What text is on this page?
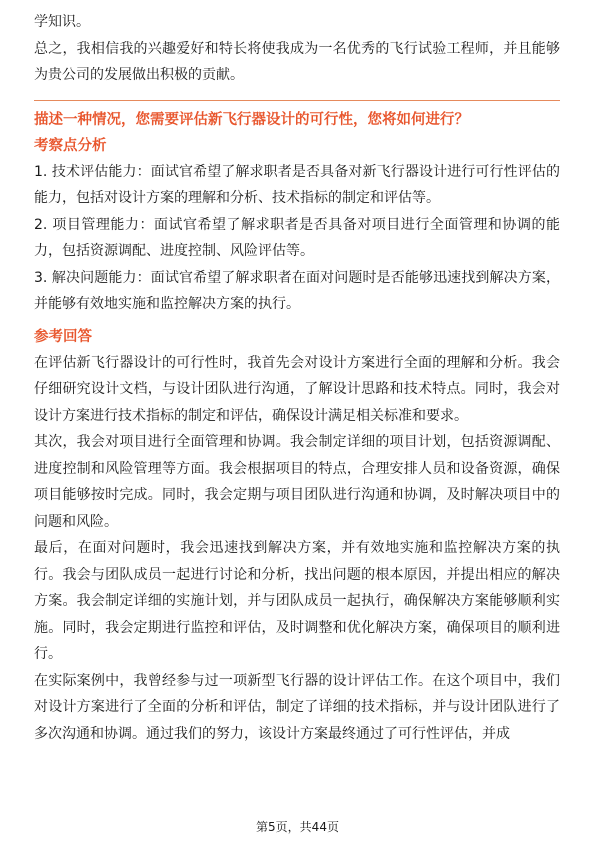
学知识。

总之，我相信我的兴趣爱好和特长将使我成为一名优秀的飞行试验工程师，并且能够为贵公司的发展做出积极的贡献。

描述一种情况，您需要评估新飞行器设计的可行性，您将如何进行？

考察点分析

1. 技术评估能力：面试官希望了解求职者是否具备对新飞行器设计进行可行性评估的能力，包括对设计方案的理解和分析、技术指标的制定和评估等。

2. 项目管理能力：面试官希望了解求职者是否具备对项目进行全面管理和协调的能力，包括资源调配、进度控制、风险评估等。

3. 解决问题能力：面试官希望了解求职者在面对问题时是否能够迅速找到解决方案，并能够有效地实施和监控解决方案的执行。

参考回答

在评估新飞行器设计的可行性时，我首先会对设计方案进行全面的理解和分析。我会仔细研究设计文档，与设计团队进行沟通，了解设计思路和技术特点。同时，我会对设计方案进行技术指标的制定和评估，确保设计满足相关标准和要求。

其次，我会对项目进行全面管理和协调。我会制定详细的项目计划，包括资源调配、进度控制和风险管理等方面。我会根据项目的特点，合理安排人员和设备资源，确保项目能够按时完成。同时，我会定期与项目团队进行沟通和协调，及时解决项目中的问题和风险。

最后，在面对问题时，我会迅速找到解决方案，并有效地实施和监控解决方案的执行。我会与团队成员一起进行讨论和分析，找出问题的根本原因，并提出相应的解决方案。我会制定详细的实施计划，并与团队成员一起执行，确保解决方案能够顺利实施。同时，我会定期进行监控和评估，及时调整和优化解决方案，确保项目的顺利进行。

在实际案例中，我曾经参与过一项新型飞行器的设计评估工作。在这个项目中，我们对设计方案进行了全面的分析和评估，制定了详细的技术指标，并与设计团队进行了多次沟通和协调。通过我们的努力，该设计方案最终通过了可行性评估，并成

第5页，共44页
